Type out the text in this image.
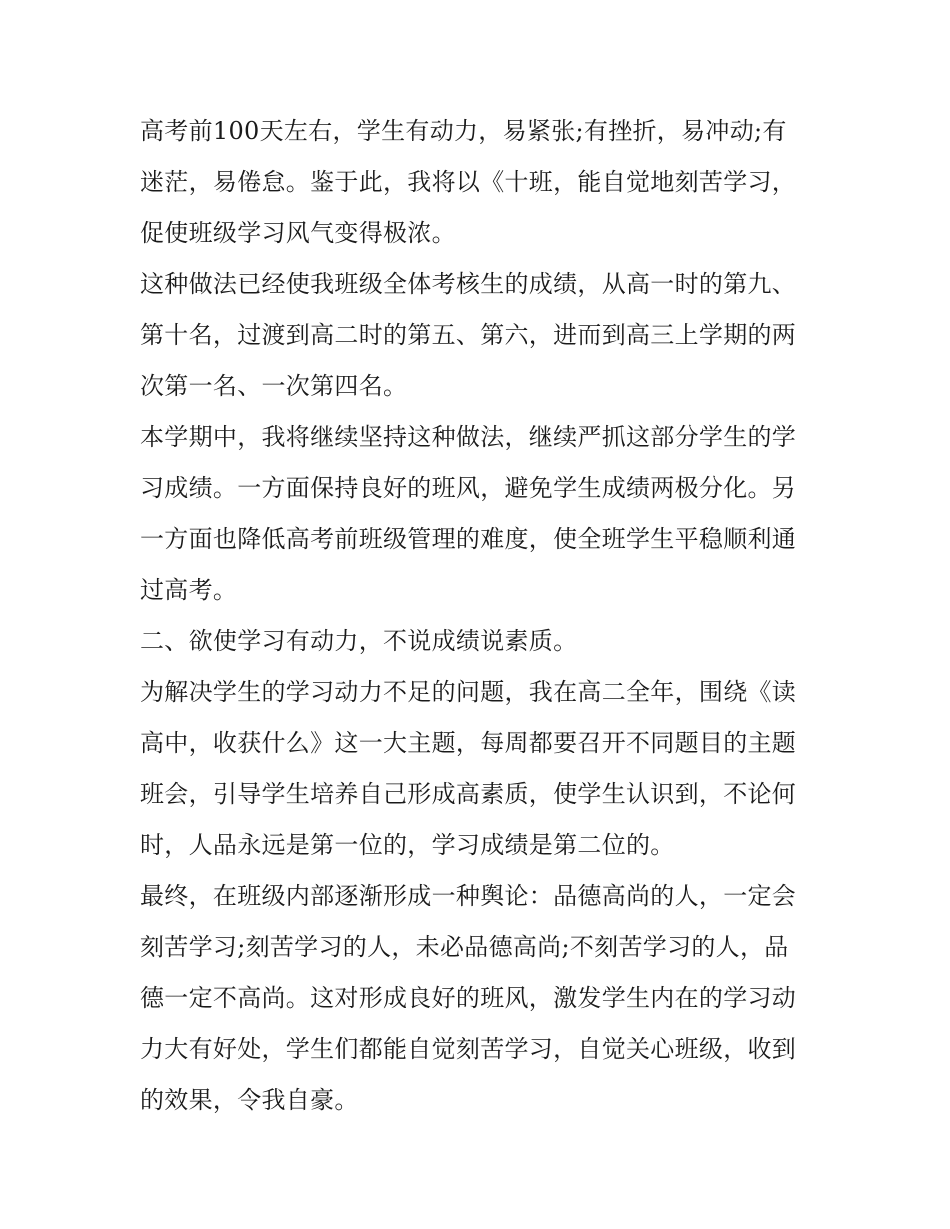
高考前100天左右，学生有动力，易紧张;有挫折，易冲动;有
迷茫，易倦怠。鉴于此，我将以《十班，能自觉地刻苦学习，
促使班级学习风气变得极浓。
这种做法已经使我班级全体考核生的成绩，从高一时的第九、
第十名，过渡到高二时的第五、第六，进而到高三上学期的两
次第一名、一次第四名。
本学期中，我将继续坚持这种做法，继续严抓这部分学生的学
习成绩。一方面保持良好的班风，避免学生成绩两极分化。另
一方面也降低高考前班级管理的难度，使全班学生平稳顺利通
过高考。
二、欲使学习有动力，不说成绩说素质。
为解决学生的学习动力不足的问题，我在高二全年，围绕《读
高中，收获什么》这一大主题，每周都要召开不同题目的主题
班会，引导学生培养自己形成高素质，使学生认识到，不论何
时，人品永远是第一位的，学习成绩是第二位的。
最终，在班级内部逐渐形成一种舆论：品德高尚的人，一定会
刻苦学习;刻苦学习的人，未必品德高尚;不刻苦学习的人，品
德一定不高尚。这对形成良好的班风，激发学生内在的学习动
力大有好处，学生们都能自觉刻苦学习，自觉关心班级，收到
的效果，令我自豪。
